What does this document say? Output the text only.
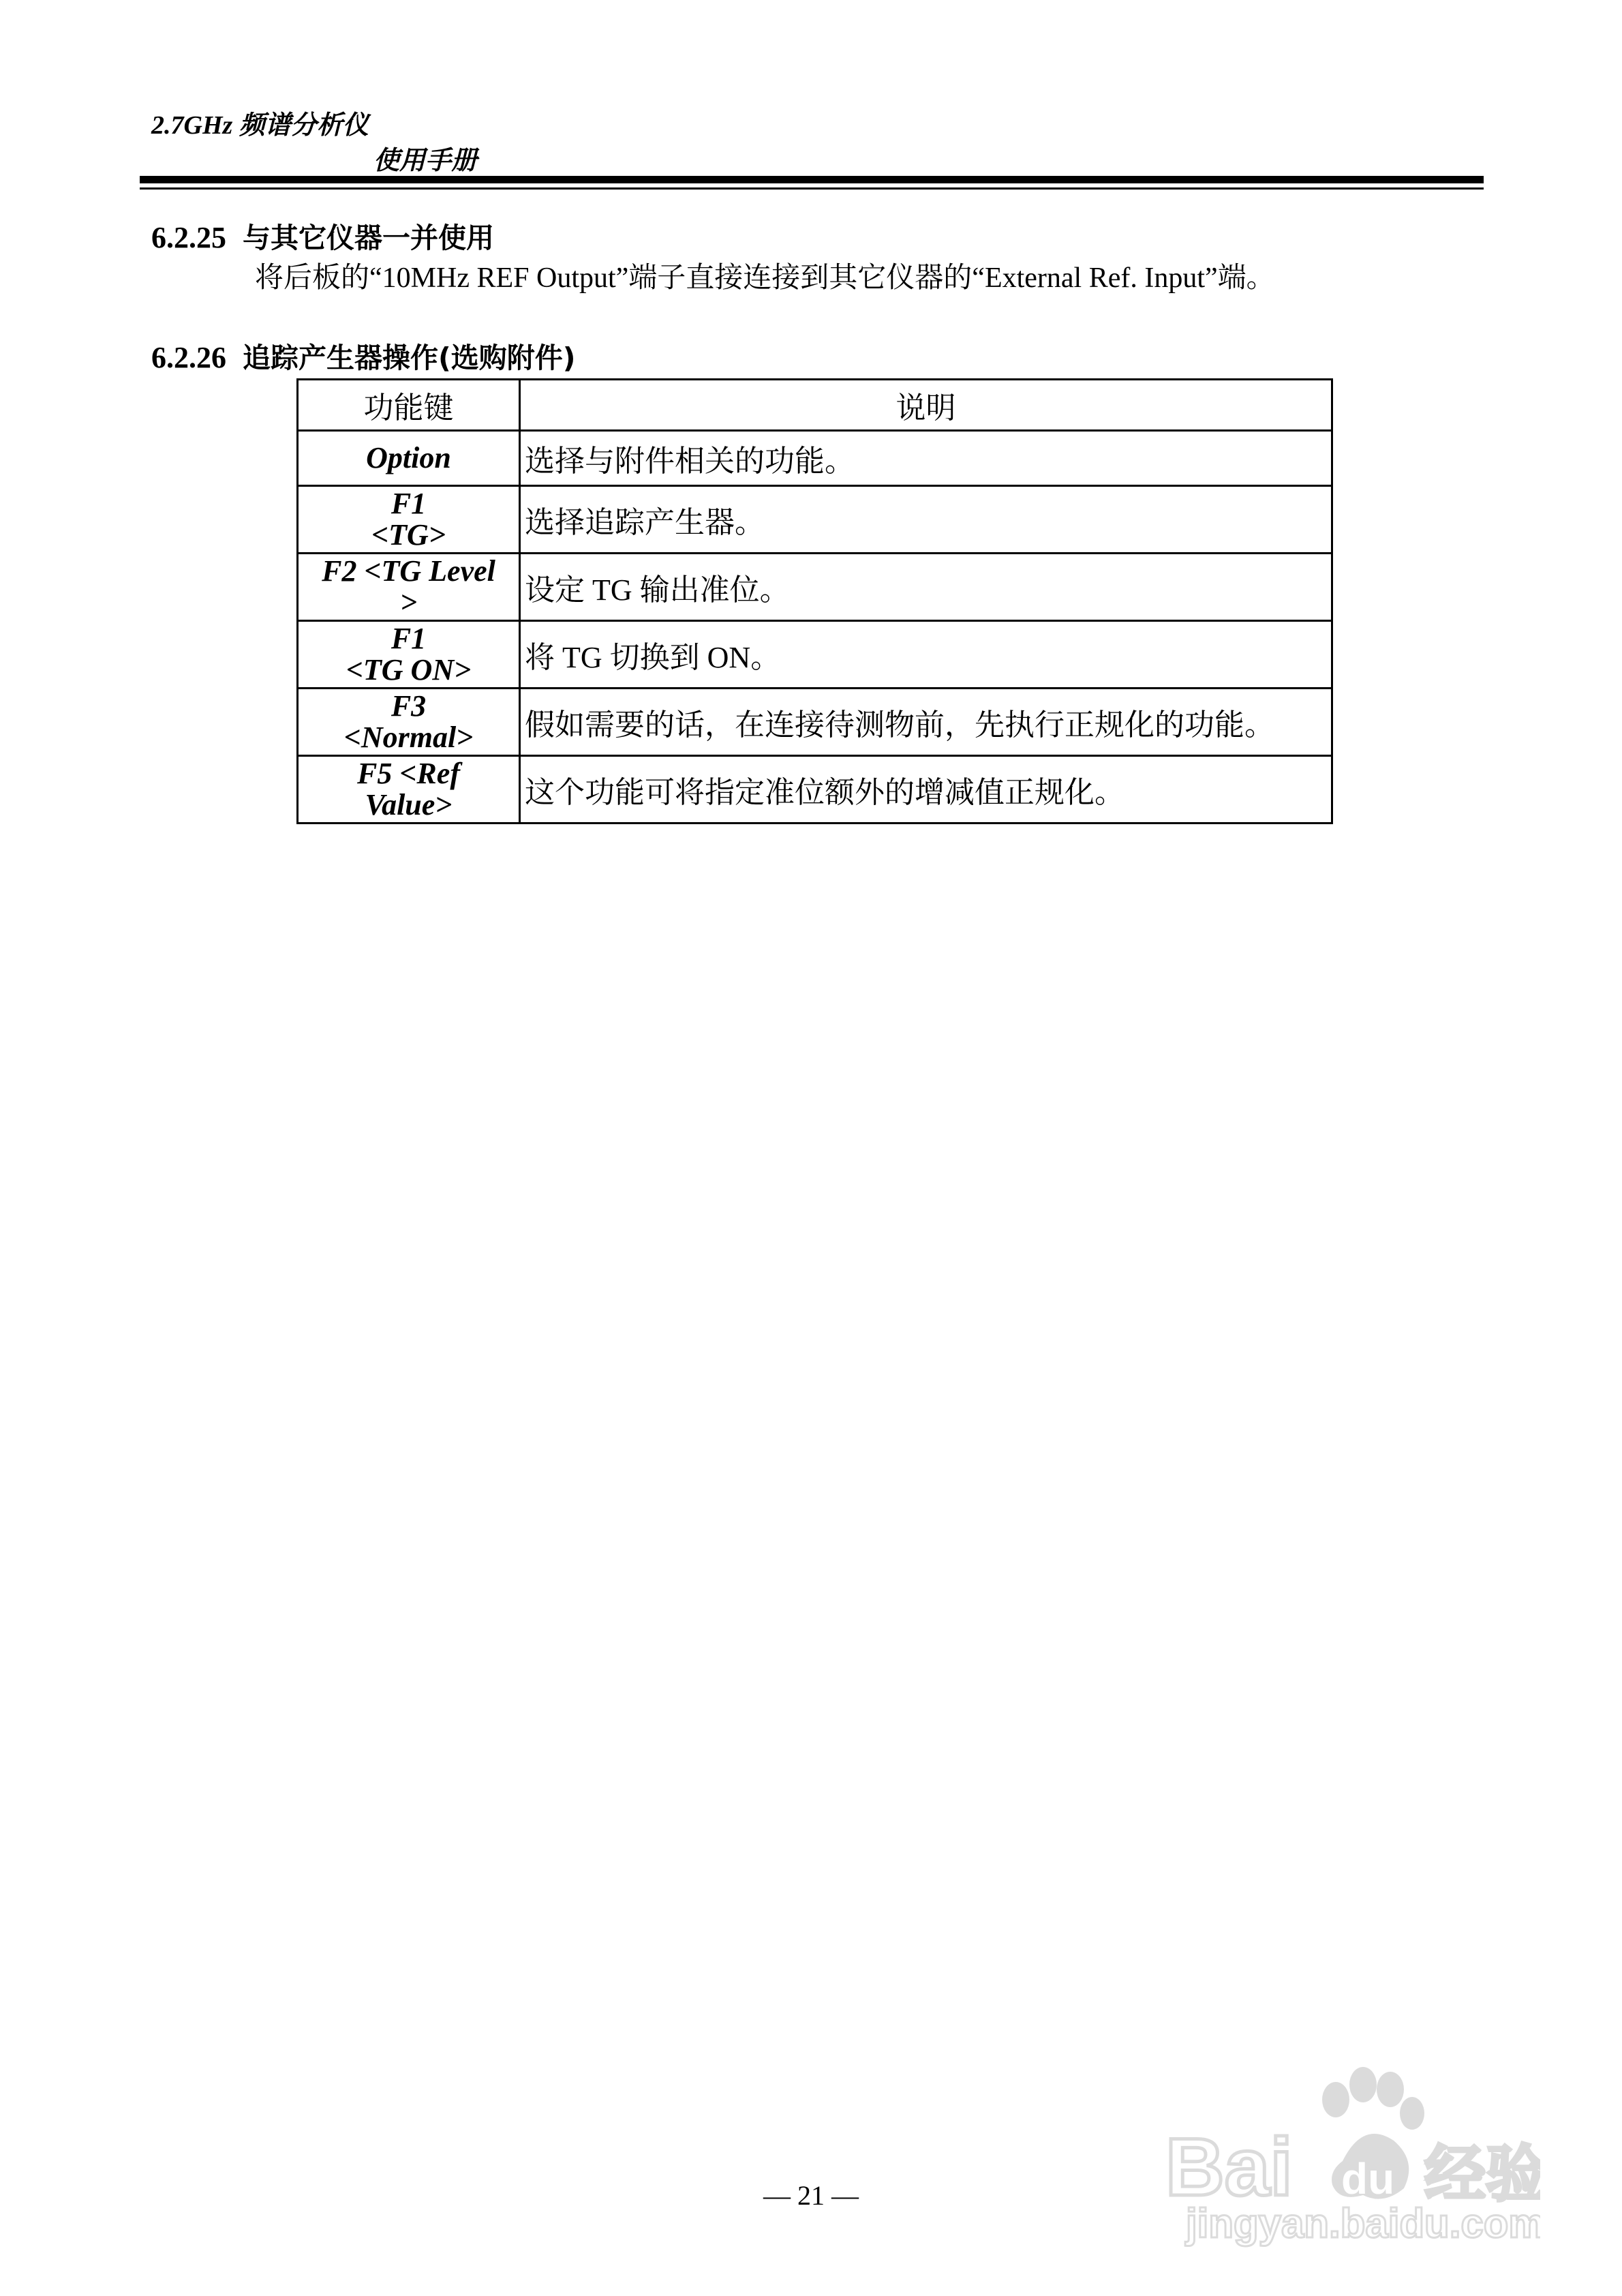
2.7GHz 频谱分析仪
使用手册
6.2.25 与其它仪器一并使用
将后板的“10MHz REF Output”端子直接连接到其它仪器的“External Ref. Input”端。
6.2.26 追踪产生器操作(选购附件)
功能键	说明
Option	选择与附件相关的功能。
F1
<TG>	选择追踪产生器。
F2 <TG Level
>	设定 TG 输出准位。
F1
<TG ON>	将 TG 切换到 ON。
F3
<Normal>	假如需要的话，在连接待测物前，先执行正规化的功能。
F5 <Ref
Value>	这个功能可将指定准位额外的增减值正规化。
— 21 —	Bai du 经验
jingyan.baidu.com
